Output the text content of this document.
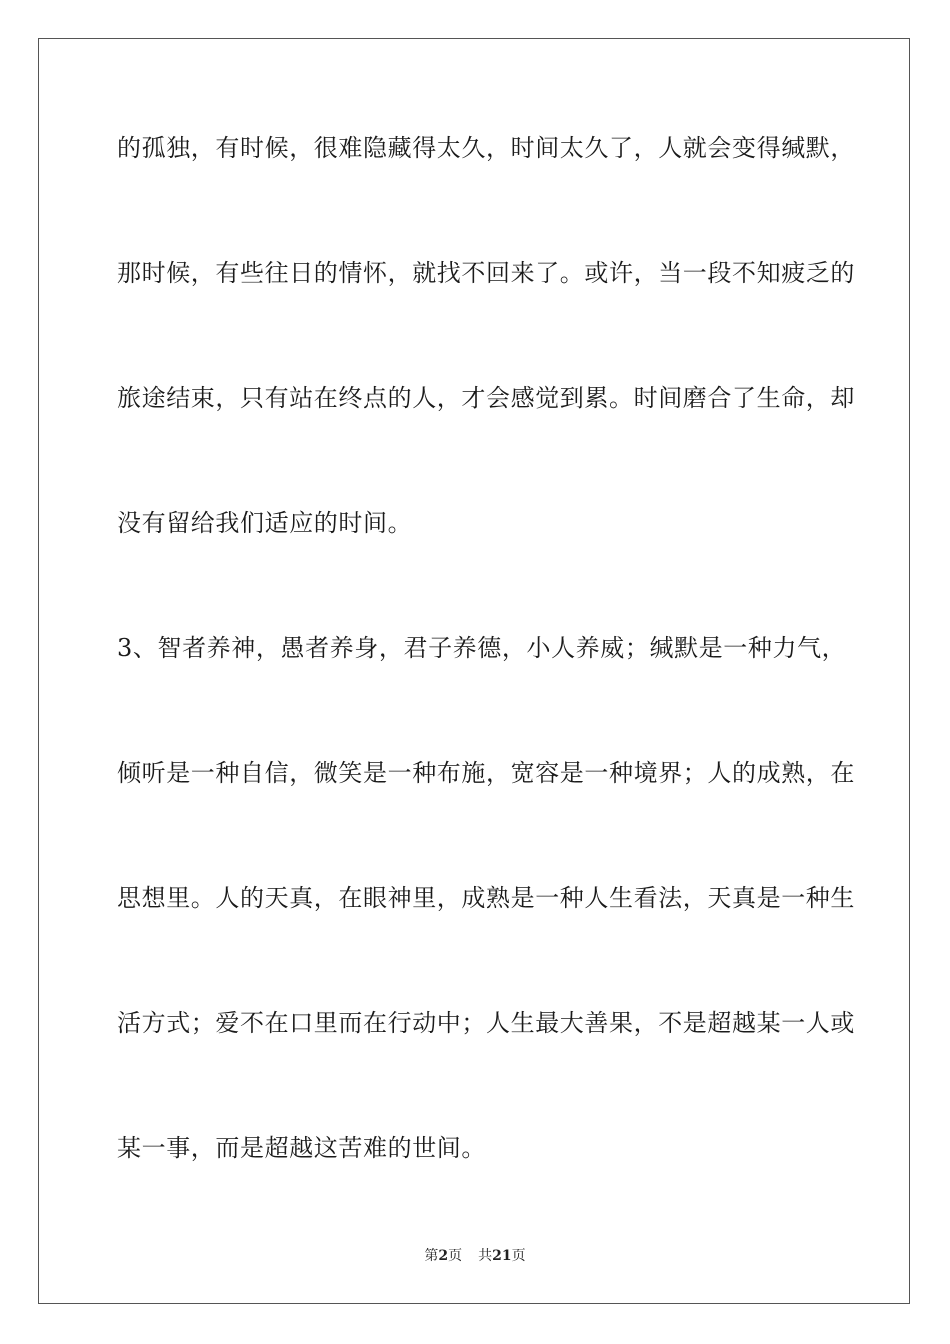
的孤独，有时候，很难隐藏得太久，时间太久了，人就会变得缄默，
那时候，有些往日的情怀，就找不回来了。或许，当一段不知疲乏的
旅途结束，只有站在终点的人，才会感觉到累。时间磨合了生命，却
没有留给我们适应的时间。
3、智者养神，愚者养身，君子养德，小人养威；缄默是一种力气，
倾听是一种自信，微笑是一种布施，宽容是一种境界；人的成熟，在
思想里。人的天真，在眼神里，成熟是一种人生看法，天真是一种生
活方式；爱不在口里而在行动中；人生最大善果，不是超越某一人或
某一事，而是超越这苦难的世间。
第2页 共21页
